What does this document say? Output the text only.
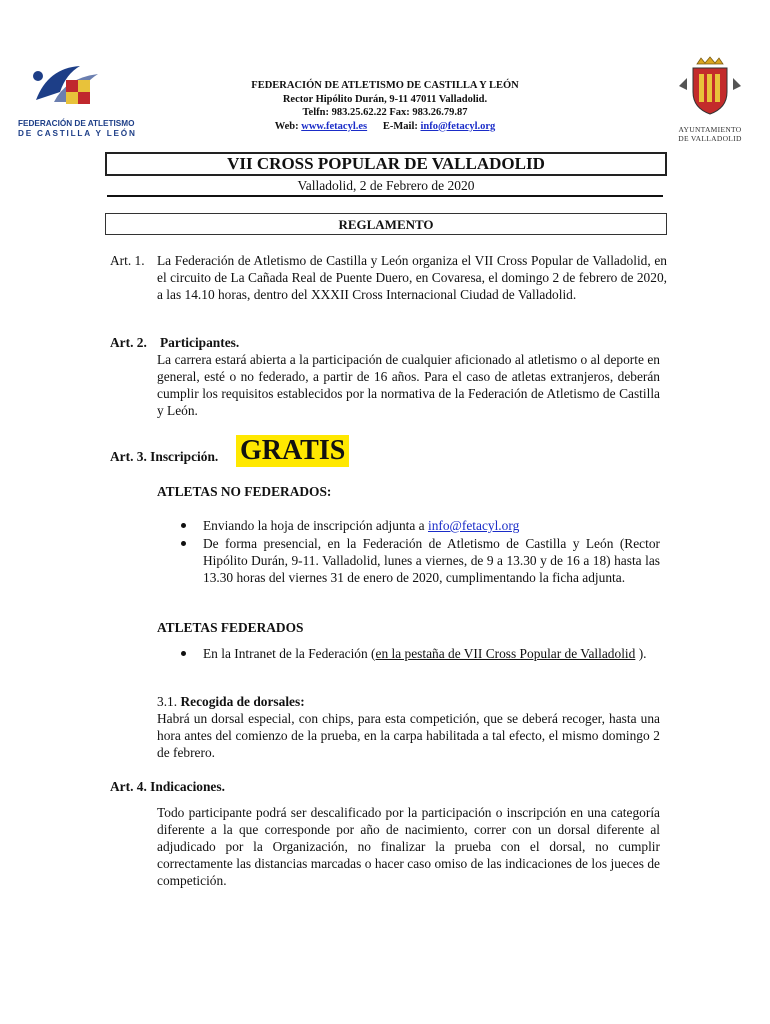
FEDERACIÓN DE ATLETISMO
DE CASTILLA Y LEÓN
FEDERACIÓN DE ATLETISMO DE CASTILLA Y LEÓN
Rector Hipólito Durán, 9-11 47011 Valladolid.
Telfn: 983.25.62.22 Fax: 983.26.79.87
Web: www.fetacyl.es E-Mail: info@fetacyl.org	AYUNTAMIENTO
DE VALLADOLID
VII CROSS POPULAR DE VALLADOLID
Valladolid, 2 de Febrero de 2020
REGLAMENTO
Art. 1. La Federación de Atletismo de Castilla y León organiza el VII Cross Popular de Valladolid, en el circuito de La Cañada Real de Puente Duero, en Covaresa, el domingo 2 de febrero de 2020, a las 14.10 horas, dentro del XXXII Cross Internacional Ciudad de Valladolid.
Art. 2. Participantes.
La carrera estará abierta a la participación de cualquier aficionado al atletismo o al deporte en general, esté o no federado, a partir de 16 años. Para el caso de atletas extranjeros, deberán cumplir los requisitos establecidos por la normativa de la Federación de Atletismo de Castilla y León.
Art. 3. Inscripción. GRATIS
ATLETAS NO FEDERADOS:
Enviando la hoja de inscripción adjunta a info@fetacyl.org
De forma presencial, en la Federación de Atletismo de Castilla y León (Rector Hipólito Durán, 9-11. Valladolid, lunes a viernes, de 9 a 13.30 y de 16 a 18) hasta las 13.30 horas del viernes 31 de enero de 2020, cumplimentando la ficha adjunta.
ATLETAS FEDERADOS
En la Intranet de la Federación (en la pestaña de VII Cross Popular de Valladolid ).
3.1. Recogida de dorsales:
Habrá un dorsal especial, con chips, para esta competición, que se deberá recoger, hasta una hora antes del comienzo de la prueba, en la carpa habilitada a tal efecto, el mismo domingo 2 de febrero.
Art. 4. Indicaciones.
Todo participante podrá ser descalificado por la participación o inscripción en una categoría diferente a la que corresponde por año de nacimiento, correr con un dorsal diferente al adjudicado por la Organización, no finalizar la prueba con el dorsal, no cumplir correctamente las distancias marcadas o hacer caso omiso de las indicaciones de los jueces de competición.
